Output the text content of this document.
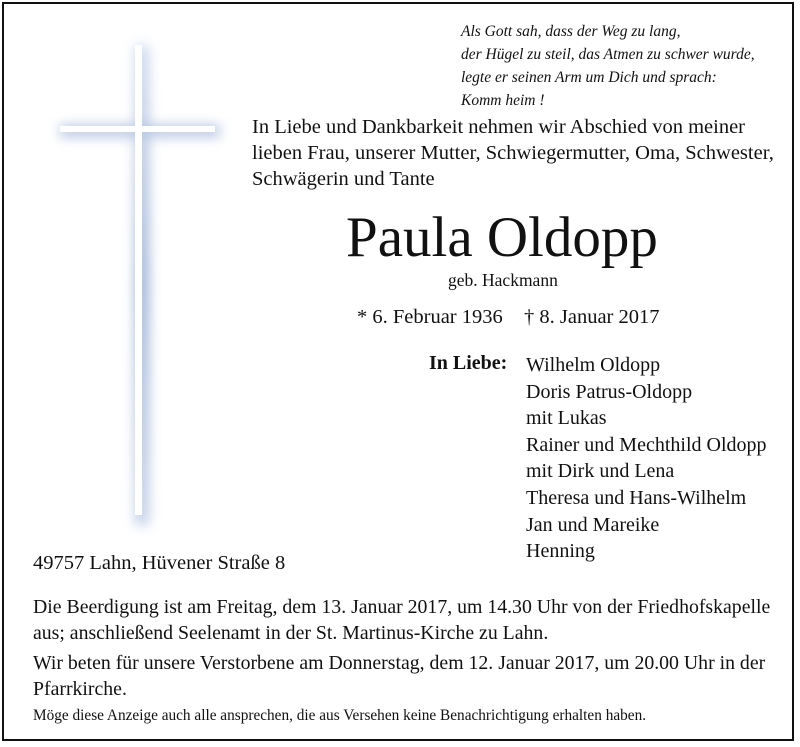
Als Gott sah, dass der Weg zu lang,
der Hügel zu steil, das Atmen zu schwer wurde,
legte er seinen Arm um Dich und sprach:
Komm heim !
In Liebe und Dankbarkeit nehmen wir Abschied von meiner
lieben Frau, unserer Mutter, Schwiegermutter, Oma, Schwester,
Schwägerin und Tante
Paula Oldopp
geb. Hackmann
* 6. Februar 1936 † 8. Januar 2017
In Liebe: Wilhelm Oldopp
Doris Patrus-Oldopp
mit Lukas
Rainer und Mechthild Oldopp
mit Dirk und Lena
Theresa und Hans-Wilhelm
Jan und Mareike
Henning
49757 Lahn, Hüvener Straße 8
Die Beerdigung ist am Freitag, dem 13. Januar 2017, um 14.30 Uhr von der Friedhofskapelle aus; anschließend Seelenamt in der St. Martinus-Kirche zu Lahn.
Wir beten für unsere Verstorbene am Donnerstag, dem 12. Januar 2017, um 20.00 Uhr in der Pfarrkirche.
Möge diese Anzeige auch alle ansprechen, die aus Versehen keine Benachrichtigung erhalten haben.
